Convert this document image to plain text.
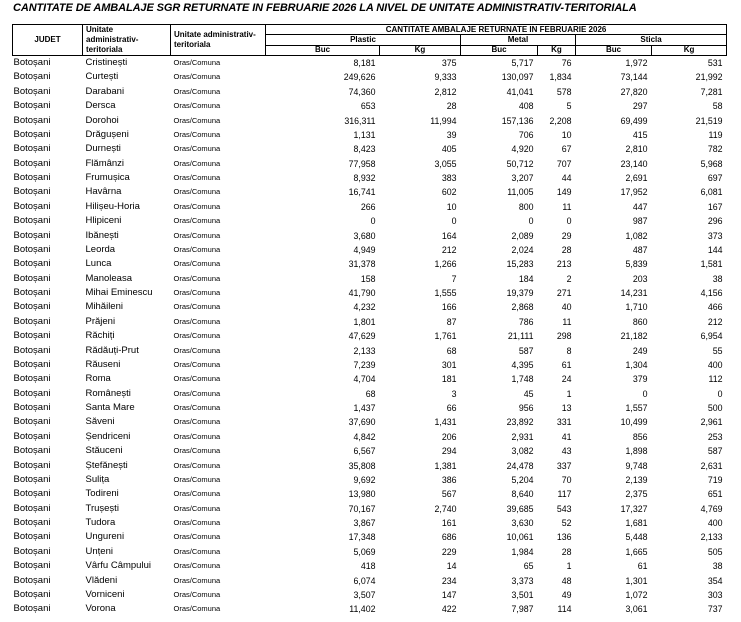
CANTITATE DE AMBALAJE SGR RETURNATE IN FEBRUARIE 2026 LA NIVEL DE UNITATE ADMINISTRATIV-TERITORIALA
JUDET	Unitate administrativ-teritoriala	Unitate administrativ-teritoriala	CANTITATE AMBALAJE RETURNATE IN FEBRUARIE 2026					
			Plastic		Metal		Sticla	
			Buc	Kg	Buc	Kg	Buc	Kg
Botoșani	Cristinești	Oras/Comuna	8,181	375	5,717	76	1,972	531
Botoșani	Curtești	Oras/Comuna	249,626	9,333	130,097	1,834	73,144	21,992
Botoșani	Darabani	Oras/Comuna	74,360	2,812	41,041	578	27,820	7,281
Botoșani	Dersca	Oras/Comuna	653	28	408	5	297	58
Botoșani	Dorohoi	Oras/Comuna	316,311	11,994	157,136	2,208	69,499	21,519
Botoșani	Drăgușeni	Oras/Comuna	1,131	39	706	10	415	119
Botoșani	Durnești	Oras/Comuna	8,423	405	4,920	67	2,810	782
Botoșani	Flămânzi	Oras/Comuna	77,958	3,055	50,712	707	23,140	5,968
Botoșani	Frumușica	Oras/Comuna	8,932	383	3,207	44	2,691	697
Botoșani	Havârna	Oras/Comuna	16,741	602	11,005	149	17,952	6,081
Botoșani	Hilișeu-Horia	Oras/Comuna	266	10	800	11	447	167
Botoșani	Hlipiceni	Oras/Comuna	0	0	0	0	987	296
Botoșani	Ibănești	Oras/Comuna	3,680	164	2,089	29	1,082	373
Botoșani	Leorda	Oras/Comuna	4,949	212	2,024	28	487	144
Botoșani	Lunca	Oras/Comuna	31,378	1,266	15,283	213	5,839	1,581
Botoșani	Manoleasa	Oras/Comuna	158	7	184	2	203	38
Botoșani	Mihai Eminescu	Oras/Comuna	41,790	1,555	19,379	271	14,231	4,156
Botoșani	Mihăileni	Oras/Comuna	4,232	166	2,868	40	1,710	466
Botoșani	Prăjeni	Oras/Comuna	1,801	87	786	11	860	212
Botoșani	Răchiți	Oras/Comuna	47,629	1,761	21,111	298	21,182	6,954
Botoșani	Rădăuți-Prut	Oras/Comuna	2,133	68	587	8	249	55
Botoșani	Răuseni	Oras/Comuna	7,239	301	4,395	61	1,304	400
Botoșani	Roma	Oras/Comuna	4,704	181	1,748	24	379	112
Botoșani	Românești	Oras/Comuna	68	3	45	1	0	0
Botoșani	Santa Mare	Oras/Comuna	1,437	66	956	13	1,557	500
Botoșani	Săveni	Oras/Comuna	37,690	1,431	23,892	331	10,499	2,961
Botoșani	Șendriceni	Oras/Comuna	4,842	206	2,931	41	856	253
Botoșani	Stăuceni	Oras/Comuna	6,567	294	3,082	43	1,898	587
Botoșani	Ștefănești	Oras/Comuna	35,808	1,381	24,478	337	9,748	2,631
Botoșani	Sulița	Oras/Comuna	9,692	386	5,204	70	2,139	719
Botoșani	Todireni	Oras/Comuna	13,980	567	8,640	117	2,375	651
Botoșani	Trușești	Oras/Comuna	70,167	2,740	39,685	543	17,327	4,769
Botoșani	Tudora	Oras/Comuna	3,867	161	3,630	52	1,681	400
Botoșani	Ungureni	Oras/Comuna	17,348	686	10,061	136	5,448	2,133
Botoșani	Unțeni	Oras/Comuna	5,069	229	1,984	28	1,665	505
Botoșani	Vârfu Câmpului	Oras/Comuna	418	14	65	1	61	38
Botoșani	Vlădeni	Oras/Comuna	6,074	234	3,373	48	1,301	354
Botoșani	Vorniceni	Oras/Comuna	3,507	147	3,501	49	1,072	303
Botoșani	Vorona	Oras/Comuna	11,402	422	7,987	114	3,061	737
